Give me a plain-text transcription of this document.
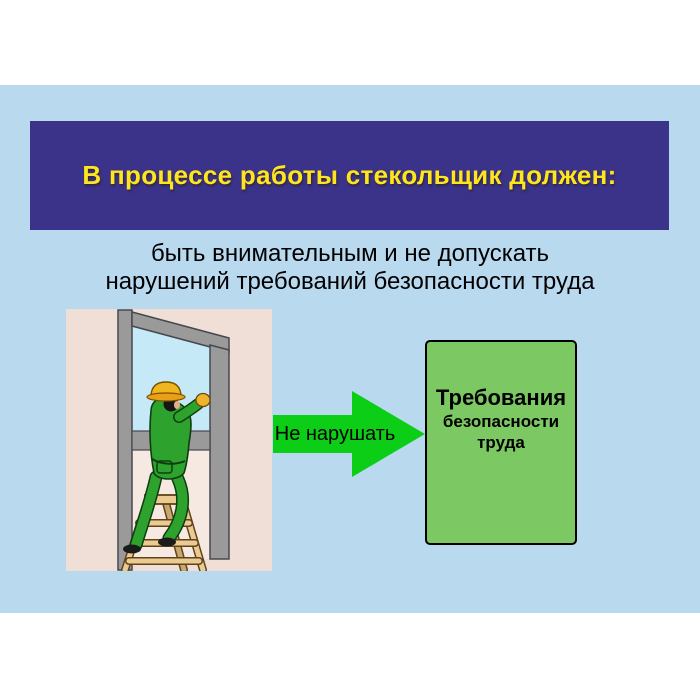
В процессе работы стекольщик должен:
быть внимательным и не допускать
нарушений требований безопасности труда
Не нарушать
Требования
безопасности
труда
